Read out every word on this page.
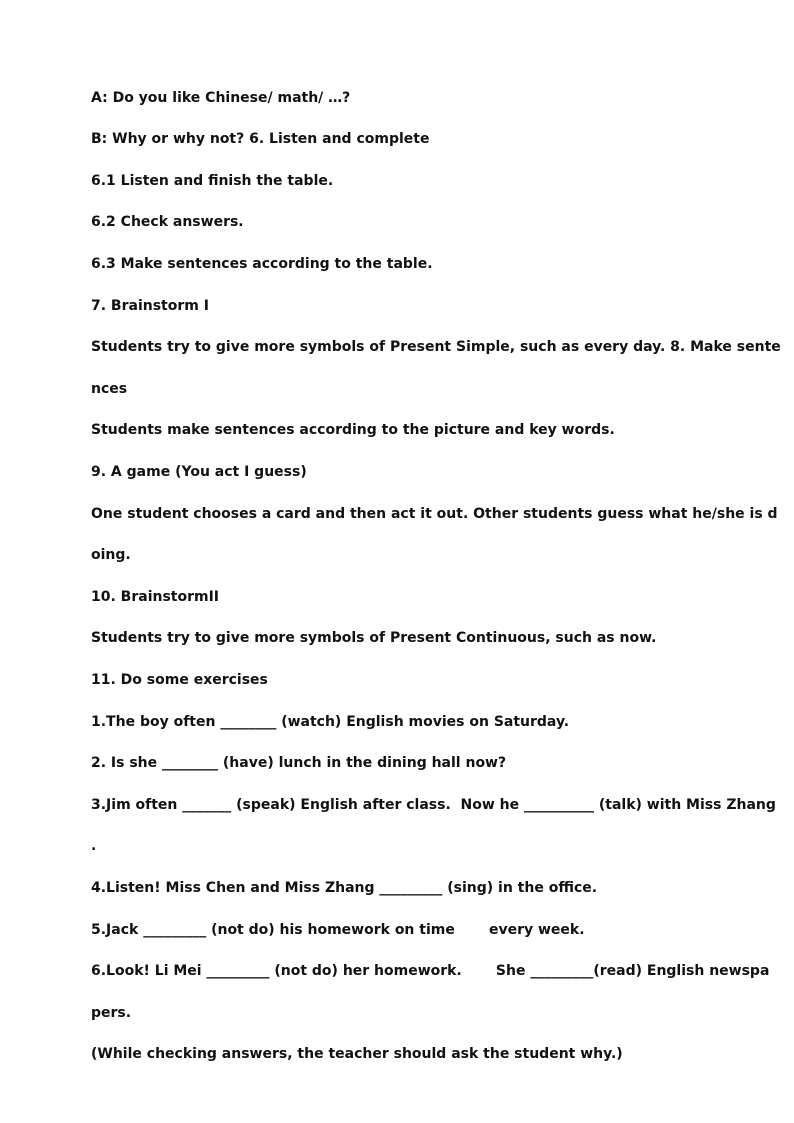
A: Do you like Chinese/ math/ …?
B: Why or why not? 6. Listen and complete
6.1 Listen and finish the table.
6.2 Check answers.
6.3 Make sentences according to the table.
7. Brainstorm I
Students try to give more symbols of Present Simple, such as every day. 8. Make sente
nces
Students make sentences according to the picture and key words.
9. A game (You act I guess)
One student chooses a card and then act it out. Other students guess what he/she is d
oing.
10. BrainstormII
Students try to give more symbols of Present Continuous, such as now.
11. Do some exercises
1.The boy often ________ (watch) English movies on Saturday.
2. Is she ________ (have) lunch in the dining hall now?
3.Jim often _______ (speak) English after class.  Now he __________ (talk) with Miss Zhang
.
4.Listen! Miss Chen and Miss Zhang _________ (sing) in the office.
5.Jack _________ (not do) his homework on time       every week.
6.Look! Li Mei _________ (not do) her homework.       She _________(read) English newspa
pers.
(While checking answers, the teacher should ask the student why.)
